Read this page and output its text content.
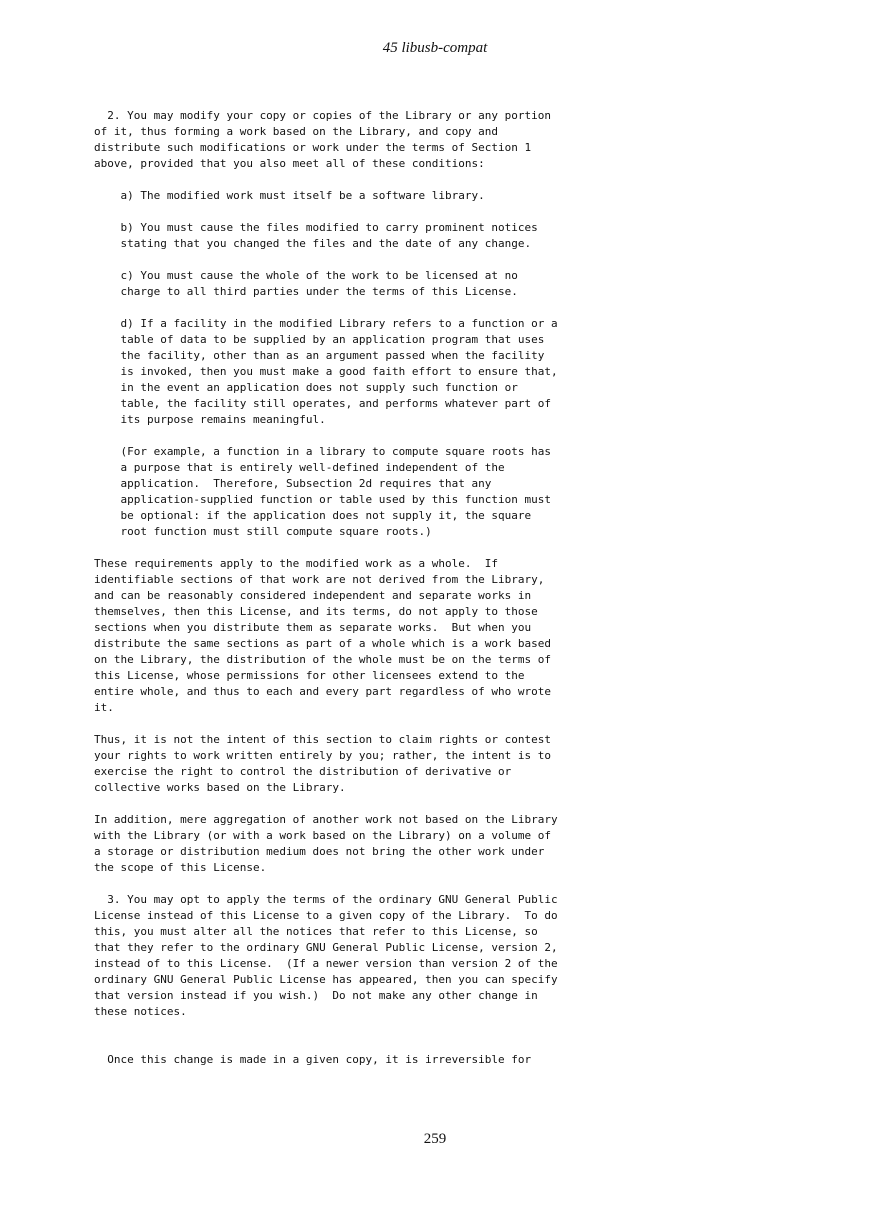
45 libusb-compat
2. You may modify your copy or copies of the Library or any portion
of it, thus forming a work based on the Library, and copy and
distribute such modifications or work under the terms of Section 1
above, provided that you also meet all of these conditions:

a) The modified work must itself be a software library.

b) You must cause the files modified to carry prominent notices
stating that you changed the files and the date of any change.

c) You must cause the whole of the work to be licensed at no
charge to all third parties under the terms of this License.

d) If a facility in the modified Library refers to a function or a
table of data to be supplied by an application program that uses
the facility, other than as an argument passed when the facility
is invoked, then you must make a good faith effort to ensure that,
in the event an application does not supply such function or
table, the facility still operates, and performs whatever part of
its purpose remains meaningful.

(For example, a function in a library to compute square roots has
a purpose that is entirely well-defined independent of the
application.  Therefore, Subsection 2d requires that any
application-supplied function or table used by this function must
be optional: if the application does not supply it, the square
root function must still compute square roots.)

These requirements apply to the modified work as a whole.  If
identifiable sections of that work are not derived from the Library,
and can be reasonably considered independent and separate works in
themselves, then this License, and its terms, do not apply to those
sections when you distribute them as separate works.  But when you
distribute the same sections as part of a whole which is a work based
on the Library, the distribution of the whole must be on the terms of
this License, whose permissions for other licensees extend to the
entire whole, and thus to each and every part regardless of who wrote
it.

Thus, it is not the intent of this section to claim rights or contest
your rights to work written entirely by you; rather, the intent is to
exercise the right to control the distribution of derivative or
collective works based on the Library.

In addition, mere aggregation of another work not based on the Library
with the Library (or with a work based on the Library) on a volume of
a storage or distribution medium does not bring the other work under
the scope of this License.

3. You may opt to apply the terms of the ordinary GNU General Public
License instead of this License to a given copy of the Library.  To do
this, you must alter all the notices that refer to this License, so
that they refer to the ordinary GNU General Public License, version 2,
instead of to this License.  (If a newer version than version 2 of the
ordinary GNU General Public License has appeared, then you can specify
that version instead if you wish.)  Do not make any other change in
these notices.

Once this change is made in a given copy, it is irreversible for
259
